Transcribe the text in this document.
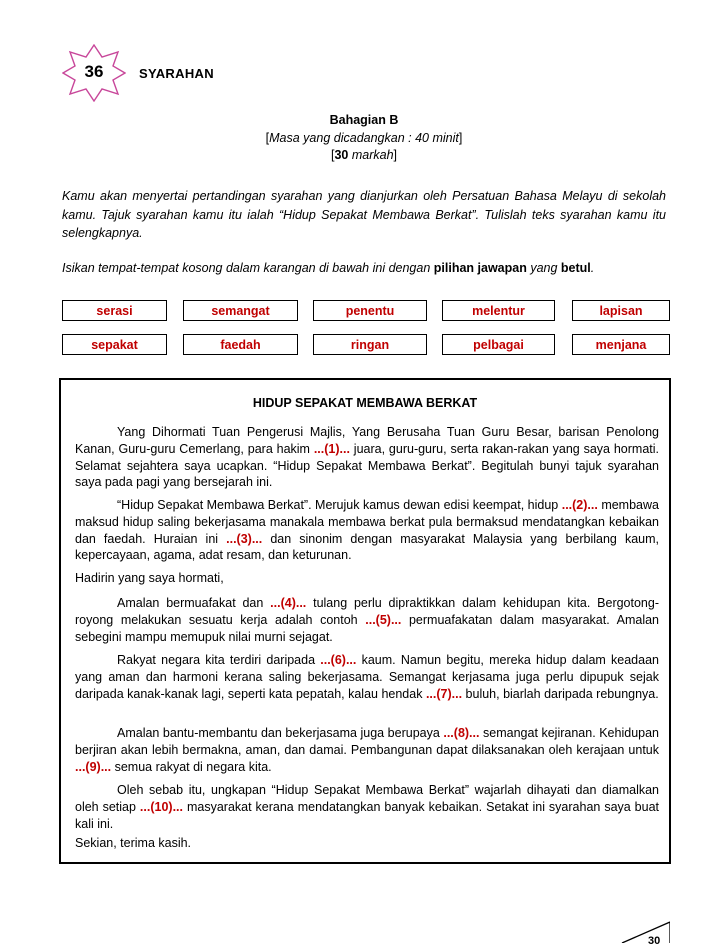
36	SYARAHAN
Bahagian B
[Masa yang dicadangkan : 40 minit]
[30 markah]
Kamu akan menyertai pertandingan syarahan yang dianjurkan oleh Persatuan Bahasa Melayu di sekolah kamu. Tajuk syarahan kamu itu ialah “Hidup Sepakat Membawa Berkat”. Tulislah teks syarahan kamu itu selengkapnya.
Isikan tempat-tempat kosong dalam karangan di bawah ini dengan pilihan jawapan yang betul.
serasi	semangat	penentu	melentur	lapisan
sepakat	faedah	ringan	pelbagai	menjana
HIDUP SEPAKAT MEMBAWA BERKAT
Yang Dihormati Tuan Pengerusi Majlis, Yang Berusaha Tuan Guru Besar, barisan Penolong Kanan, Guru-guru Cemerlang, para hakim ...(1)... juara, guru-guru, serta rakan-rakan yang saya hormati. Selamat sejahtera saya ucapkan. “Hidup Sepakat Membawa Berkat”. Begitulah bunyi tajuk syarahan saya pada pagi yang bersejarah ini.
“Hidup Sepakat Membawa Berkat”. Merujuk kamus dewan edisi keempat, hidup ...(2)... membawa maksud hidup saling bekerjasama manakala membawa berkat pula bermaksud mendatangkan kebaikan dan faedah. Huraian ini ...(3)... dan sinonim dengan masyarakat Malaysia yang berbilang kaum, kepercayaan, agama, adat resam, dan keturunan.
Hadirin yang saya hormati,
Amalan bermuafakat dan ...(4)... tulang perlu dipraktikkan dalam kehidupan kita. Bergotong-royong melakukan sesuatu kerja adalah contoh ...(5)... permuafakatan dalam masyarakat. Amalan sebegini mampu memupuk nilai murni sejagat.
Rakyat negara kita terdiri daripada ...(6)... kaum. Namun begitu, mereka hidup dalam keadaan yang aman dan harmoni kerana saling bekerjasama. Semangat kerjasama juga perlu dipupuk sejak daripada kanak-kanak lagi, seperti kata pepatah, kalau hendak ...(7)... buluh, biarlah daripada rebungnya.
Amalan bantu-membantu dan bekerjasama juga berupaya ...(8)... semangat kejiranan. Kehidupan berjiran akan lebih bermakna, aman, dan damai. Pembangunan dapat dilaksanakan oleh kerajaan untuk ...(9)... semua rakyat di negara kita.
Oleh sebab itu, ungkapan “Hidup Sepakat Membawa Berkat” wajarlah dihayati dan diamalkan oleh setiap ...(10)... masyarakat kerana mendatangkan banyak kebaikan. Setakat ini syarahan saya buat kali ini.
Sekian, terima kasih.
30
